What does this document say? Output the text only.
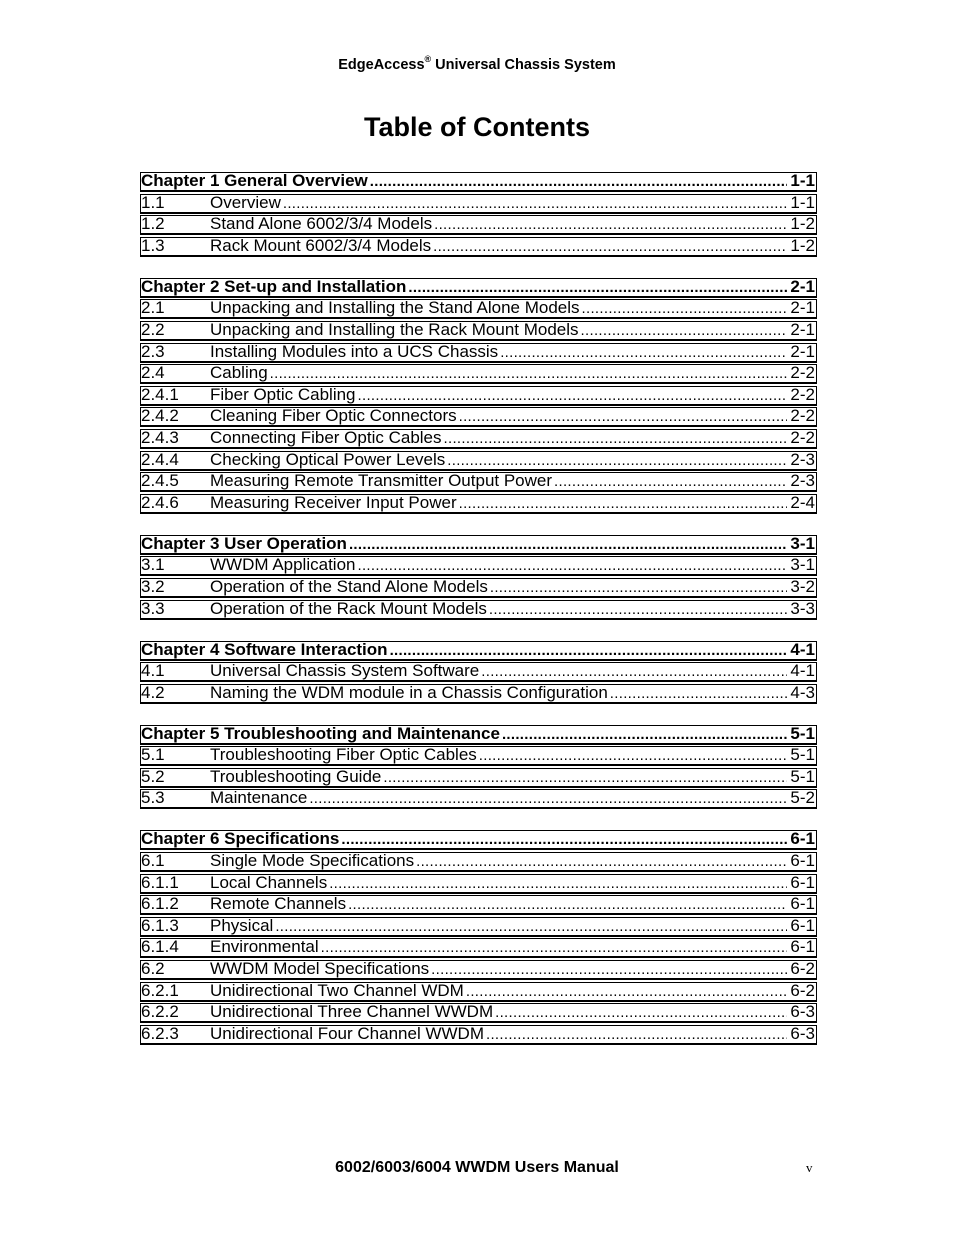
EdgeAccess® Universal Chassis System
Table of Contents
Chapter 1 General Overview .....	1-1
1.1	Overview .....	1-1
1.2	Stand Alone 6002/3/4 Models .....	1-2
1.3	Rack Mount 6002/3/4 Models .....	1-2
Chapter 2 Set-up and Installation .....	2-1
2.1	Unpacking and Installing the Stand Alone Models .....	2-1
2.2	Unpacking and Installing the Rack Mount Models .....	2-1
2.3	Installing Modules into a UCS Chassis .....	2-1
2.4	Cabling .....	2-2
2.4.1	Fiber Optic Cabling .....	2-2
2.4.2	Cleaning Fiber Optic Connectors .....	2-2
2.4.3	Connecting Fiber Optic Cables .....	2-2
2.4.4	Checking Optical Power Levels .....	2-3
2.4.5	Measuring Remote Transmitter Output Power .....	2-3
2.4.6	Measuring Receiver Input Power .....	2-4
Chapter 3 User Operation .....	3-1
3.1	WWDM Application .....	3-1
3.2	Operation of the Stand Alone Models .....	3-2
3.3	Operation of the Rack Mount Models .....	3-3
Chapter 4 Software Interaction .....	4-1
4.1	Universal Chassis System Software .....	4-1
4.2	Naming the WDM module in a Chassis Configuration .....	4-3
Chapter 5 Troubleshooting and Maintenance .....	5-1
5.1	Troubleshooting Fiber Optic Cables .....	5-1
5.2	Troubleshooting Guide .....	5-1
5.3	Maintenance .....	5-2
Chapter 6 Specifications .....	6-1
6.1	Single Mode Specifications .....	6-1
6.1.1	Local Channels .....	6-1
6.1.2	Remote Channels .....	6-1
6.1.3	Physical .....	6-1
6.1.4	Environmental .....	6-1
6.2	WWDM Model Specifications .....	6-2
6.2.1	Unidirectional Two Channel WDM .....	6-2
6.2.2	Unidirectional Three Channel WWDM .....	6-3
6.2.3	Unidirectional Four Channel WWDM .....	6-3
6002/6003/6004 WWDM Users Manual	v
